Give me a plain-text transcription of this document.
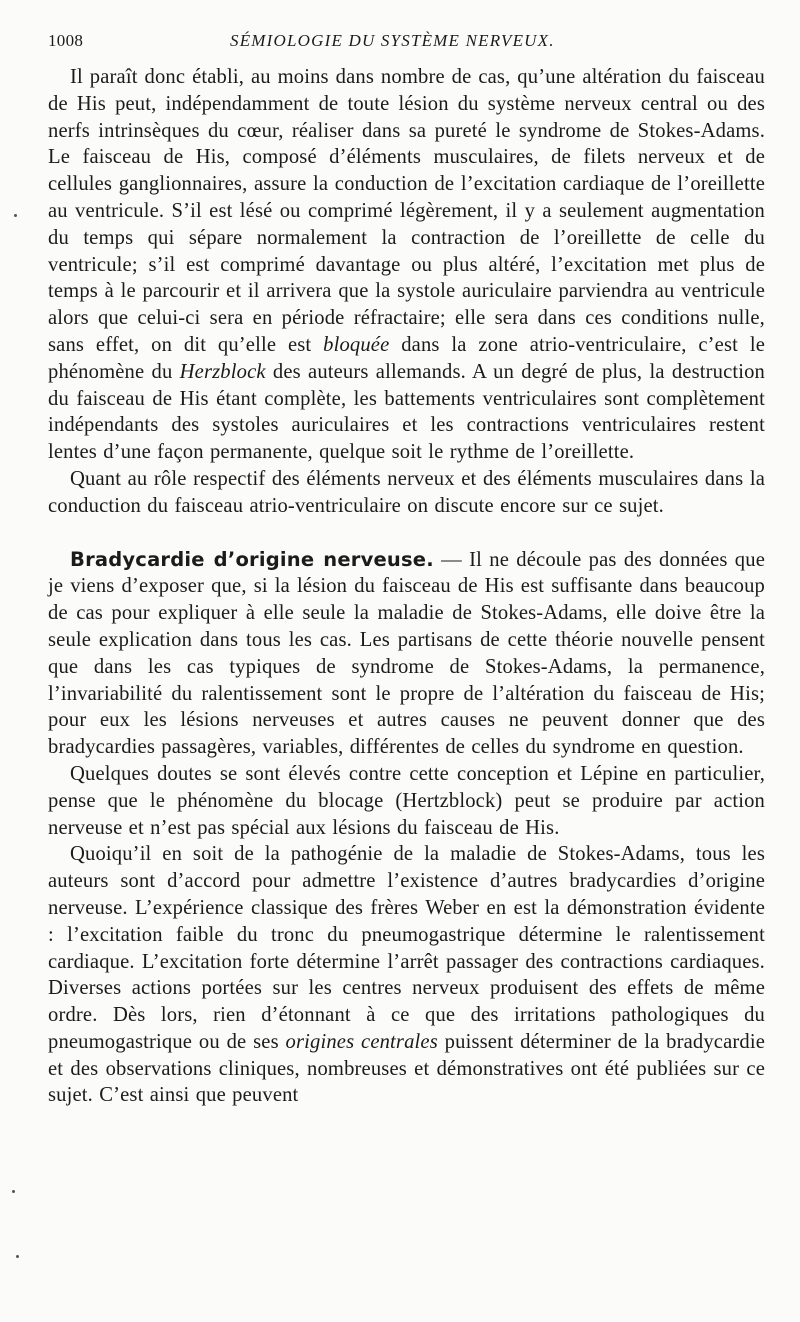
1008	SÉMIOLOGIE DU SYSTÈME NERVEUX.

Il paraît donc établi, au moins dans nombre de cas, qu’une altération du faisceau de His peut, indépendamment de toute lésion du système nerveux central ou des nerfs intrinsèques du cœur, réaliser dans sa pureté le syndrome de Stokes-Adams. Le faisceau de His, composé d’éléments musculaires, de filets nerveux et de cellules ganglionnaires, assure la conduction de l’excitation cardiaque de l’oreillette au ventricule. S’il est lésé ou comprimé légèrement, il y a seulement augmentation du temps qui sépare normalement la contraction de l’oreillette de celle du ventricule; s’il est comprimé davantage ou plus altéré, l’excitation met plus de temps à le parcourir et il arrivera que la systole auriculaire parviendra au ventricule alors que celui-ci sera en période réfractaire; elle sera dans ces conditions nulle, sans effet, on dit qu’elle est bloquée dans la zone atrio-ventriculaire, c’est le phénomène du Herzblock des auteurs allemands. A un degré de plus, la destruction du faisceau de His étant complète, les battements ventriculaires sont complètement indépendants des systoles auriculaires et les contractions ventriculaires restent lentes d’une façon permanente, quelque soit le rythme de l’oreillette.

Quant au rôle respectif des éléments nerveux et des éléments musculaires dans la conduction du faisceau atrio-ventriculaire on discute encore sur ce sujet.

Bradycardie d’origine nerveuse. — Il ne découle pas des données que je viens d’exposer que, si la lésion du faisceau de His est suffisante dans beaucoup de cas pour expliquer à elle seule la maladie de Stokes-Adams, elle doive être la seule explication dans tous les cas. Les partisans de cette théorie nouvelle pensent que dans les cas typiques de syndrome de Stokes-Adams, la permanence, l’invariabilité du ralentissement sont le propre de l’altération du faisceau de His; pour eux les lésions nerveuses et autres causes ne peuvent donner que des bradycardies passagères, variables, différentes de celles du syndrome en question.

Quelques doutes se sont élevés contre cette conception et Lépine en particulier, pense que le phénomène du blocage (Hertzblock) peut se produire par action nerveuse et n’est pas spécial aux lésions du faisceau de His.

Quoiqu’il en soit de la pathogénie de la maladie de Stokes-Adams, tous les auteurs sont d’accord pour admettre l’existence d’autres bradycardies d’origine nerveuse. L’expérience classique des frères Weber en est la démonstration évidente : l’excitation faible du tronc du pneumogastrique détermine le ralentissement cardiaque. L’excitation forte détermine l’arrêt passager des contractions cardiaques. Diverses actions portées sur les centres nerveux produisent des effets de même ordre. Dès lors, rien d’étonnant à ce que des irritations pathologiques du pneumogastrique ou de ses origines centrales puissent déterminer de la bradycardie et des observations cliniques, nombreuses et démonstratives ont été publiées sur ce sujet. C’est ainsi que peuvent
